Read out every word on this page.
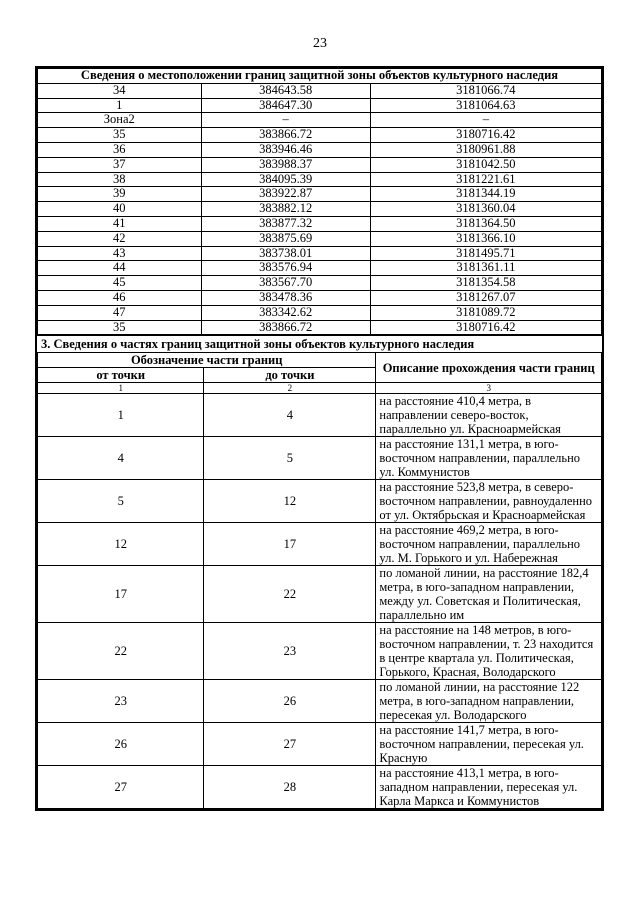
23
Сведения о местоположении границ защитной зоны объектов культурного наследия		
34	384643.58	3181066.74
1	384647.30	3181064.63
Зона2	–	–
35	383866.72	3180716.42
36	383946.46	3180961.88
37	383988.37	3181042.50
38	384095.39	3181221.61
39	383922.87	3181344.19
40	383882.12	3181360.04
41	383877.32	3181364.50
42	383875.69	3181366.10
43	383738.01	3181495.71
44	383576.94	3181361.11
45	383567.70	3181354.58
46	383478.36	3181267.07
47	383342.62	3181089.72
35	383866.72	3180716.42
3. Сведения о частях границ защитной зоны объектов культурного наследия
Обозначение части границ		Описание прохождения части границ
от точки	до точки	
1	2	3
1	4	на расстояние 410,4 метра, в направлении северо-восток, параллельно ул. Красноармейская
4	5	на расстояние 131,1 метра, в юго-восточном направлении, параллельно ул. Коммунистов
5	12	на расстояние 523,8 метра, в северо-восточном направлении, равноудаленно от ул. Октябрьская и Красноармейская
12	17	на расстояние 469,2 метра, в юго-восточном направлении, параллельно ул. М. Горького и ул. Набережная
17	22	по ломаной линии, на расстояние 182,4 метра, в юго-западном направлении, между ул. Советская и Политическая, параллельно им
22	23	на расстояние на 148 метров, в юго-восточном направлении, т. 23 находится в центре квартала ул. Политическая, Горького, Красная, Володарского
23	26	по ломаной линии, на расстояние 122 метра, в юго-западном направлении, пересекая ул. Володарского
26	27	на расстояние 141,7 метра, в юго-восточном направлении, пересекая ул. Красную
27	28	на расстояние 413,1 метра, в юго-западном направлении, пересекая ул. Карла Маркса и Коммунистов
